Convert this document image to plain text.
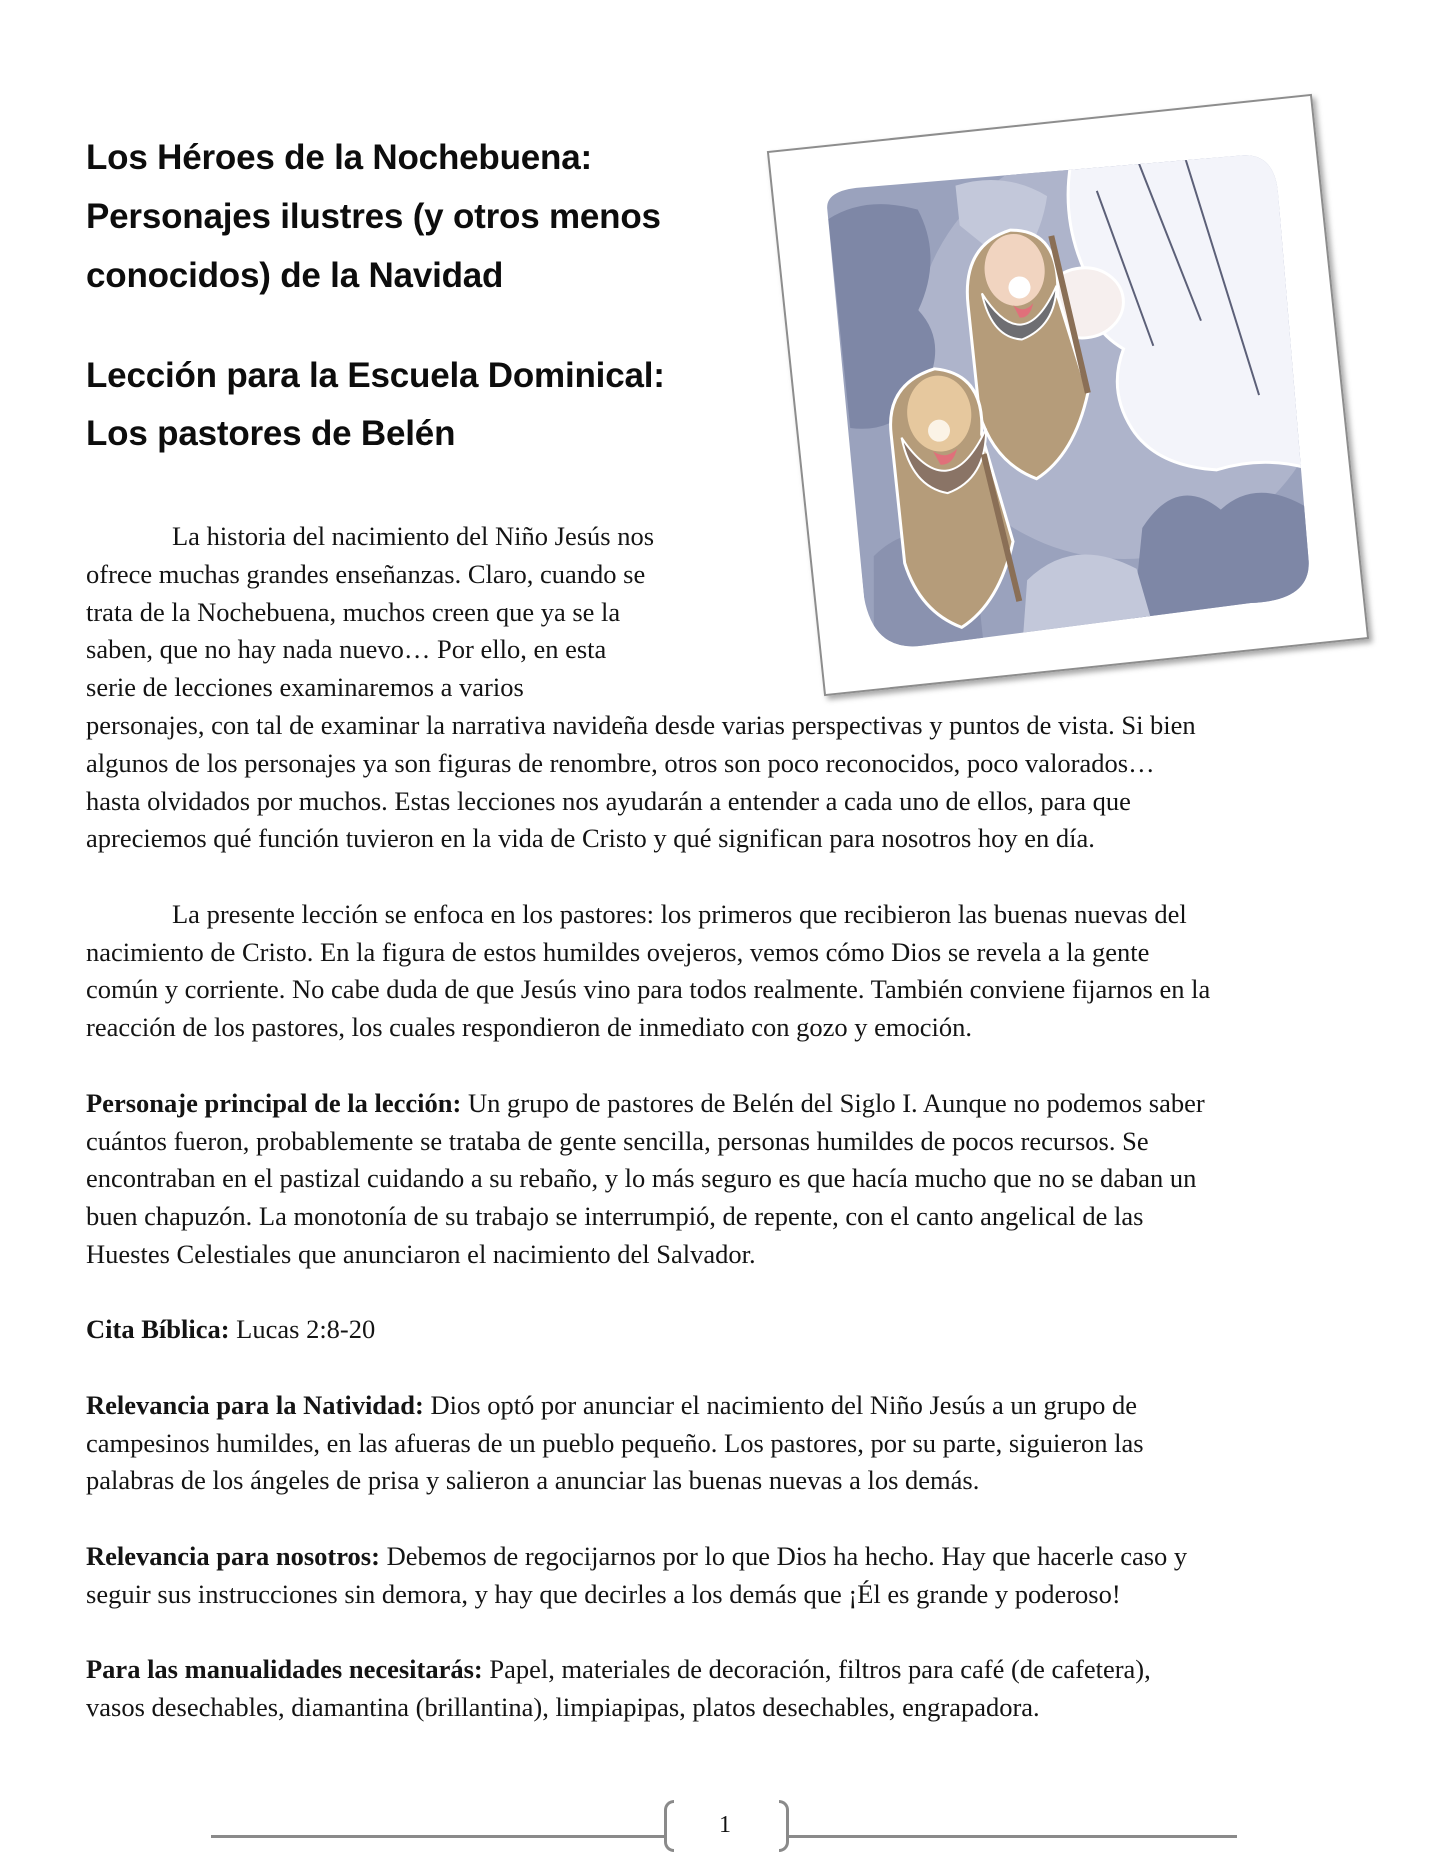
Los Héroes de la Nochebuena:
Personajes ilustres (y otros menos
conocidos) de la Navidad
Lección para la Escuela Dominical:
Los pastores de Belén
La historia del nacimiento del Niño Jesús nos
ofrece muchas grandes enseñanzas. Claro, cuando se
trata de la Nochebuena, muchos creen que ya se la
saben, que no hay nada nuevo… Por ello, en esta
serie de lecciones examinaremos a varios
personajes, con tal de examinar la narrativa navideña desde varias perspectivas y puntos de vista. Si bien
algunos de los personajes ya son figuras de renombre, otros son poco reconocidos, poco valorados…
hasta olvidados por muchos. Estas lecciones nos ayudarán a entender a cada uno de ellos, para que
apreciemos qué función tuvieron en la vida de Cristo y qué significan para nosotros hoy en día.
La presente lección se enfoca en los pastores: los primeros que recibieron las buenas nuevas del
nacimiento de Cristo. En la figura de estos humildes ovejeros, vemos cómo Dios se revela a la gente
común y corriente. No cabe duda de que Jesús vino para todos realmente. También conviene fijarnos en la
reacción de los pastores, los cuales respondieron de inmediato con gozo y emoción.
Personaje principal de la lección: Un grupo de pastores de Belén del Siglo I. Aunque no podemos saber
cuántos fueron, probablemente se trataba de gente sencilla, personas humildes de pocos recursos. Se
encontraban en el pastizal cuidando a su rebaño, y lo más seguro es que hacía mucho que no se daban un
buen chapuzón. La monotonía de su trabajo se interrumpió, de repente, con el canto angelical de las
Huestes Celestiales que anunciaron el nacimiento del Salvador.
Cita Bíblica: Lucas 2:8-20
Relevancia para la Natividad: Dios optó por anunciar el nacimiento del Niño Jesús a un grupo de
campesinos humildes, en las afueras de un pueblo pequeño. Los pastores, por su parte, siguieron las
palabras de los ángeles de prisa y salieron a anunciar las buenas nuevas a los demás.
Relevancia para nosotros: Debemos de regocijarnos por lo que Dios ha hecho. Hay que hacerle caso y
seguir sus instrucciones sin demora, y hay que decirles a los demás que ¡Él es grande y poderoso!
Para las manualidades necesitarás: Papel, materiales de decoración, filtros para café (de cafetera),
vasos desechables, diamantina (brillantina), limpiapipas, platos desechables, engrapadora.
1
